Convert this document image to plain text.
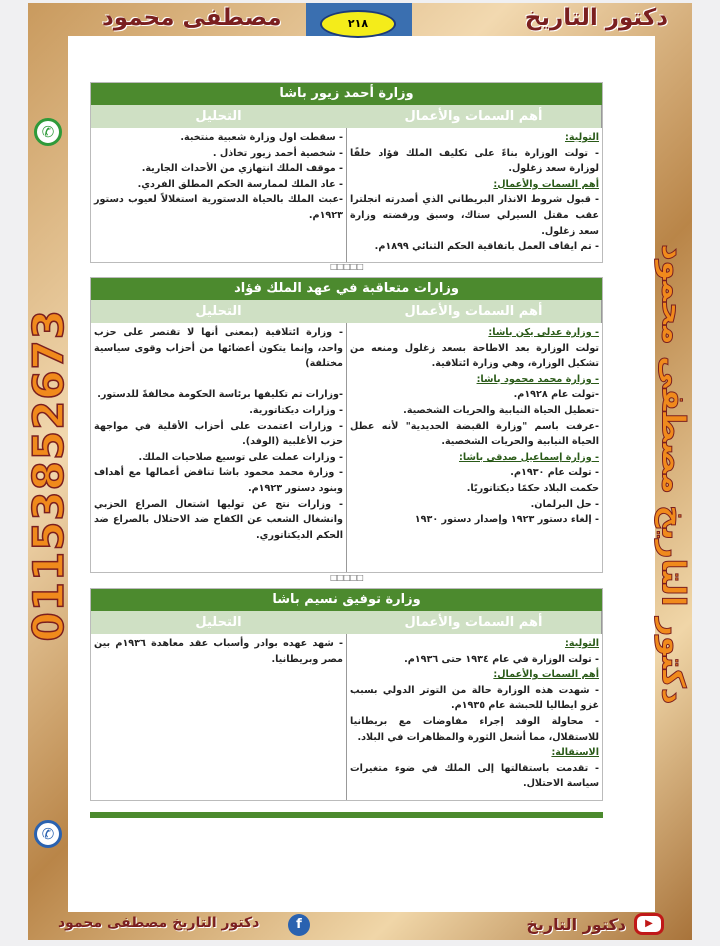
دكتور التاريخ
مصطفى محمود	٢١٨
✆
01153852673
✆
دكتور التاريخ مصطفى محمود
وزارة أحمد زيور باشا
التحليل	أهم السمات والأعمال
التولية:
- تولت الوزارة بناءً على تكليف الملك فؤاد خلفًا لوزارة سعد زغلول.
أهم السمات والأعمال:
- قبول شروط الانذار البريطاني الذي أصدرته انجلترا عقب مقتل السيرلي ستاك، وسبق ورفضته وزارة سعد زغلول.
- تم ايقاف العمل باتفاقية الحكم الثنائي ١٨٩٩م.
- سقطت اول وزارة شعبية منتخبة.
- شخصية أحمد زيور تخاذل .
- موقف الملك انتهازي من الأحداث الجارية.
- عاد الملك لممارسة الحكم المطلق الفردي.
-عبث الملك بالحياة الدستورية استغلالاً لعيوب دستور ١٩٢٣م.
□□□□□
وزارات متعاقبة في عهد الملك فؤاد
التحليل	أهم السمات والأعمال
- وزارة عدلي يكن باشا:
تولت الوزارة بعد الاطاحة بسعد زغلول ومنعه من تشكيل الوزارة، وهي وزارة ائتلافية.
- وزارة محمد محمود باشا:
-تولت عام ١٩٢٨م.
-تعطيل الحياة النيابية والحريات الشخصية.
-عرفت باسم "وزارة القبضة الحديدية" لأنه عطل الحياة النيابية والحريات الشخصية.
- وزارة إسماعيل صدقي باشا:
- تولت عام ١٩٣٠م.
حكمت البلاد حكمًا ديكتاتوريًا.
- حل البرلمان.
- إلغاء دستور ١٩٢٣ وإصدار دستور ١٩٣٠
- وزارة ائتلافية (بمعنى أنها لا تقتصر على حزب واحد، وإنما يتكون أعضائها من أحزاب وقوى سياسية مختلفة)
-وزارات تم تكليفها برئاسة الحكومة مخالفةً للدستور.
- وزارات ديكتاتورية.
- وزارات اعتمدت على أحزاب الأقلية في مواجهة حزب الأغلبية (الوفد).
- وزارات عملت على توسيع صلاحيات الملك.
- وزارة محمد محمود باشا تناقض أعمالها مع أهداف وبنود دستور ١٩٢٣م.
- وزارات نتج عن توليها اشتعال الصراع الحزبي وانشغال الشعب عن الكفاح ضد الاحتلال بالصراع ضد الحكم الديكتاتوري.
□□□□□
وزارة توفيق نسيم باشا
التحليل	أهم السمات والأعمال
التولية:
- تولت الوزارة في عام ١٩٣٤ حتى ١٩٣٦م.
أهم السمات والأعمال:
- شهدت هذه الوزارة حالة من التوتر الدولي بسبب غزو ايطاليا للحبشة عام ١٩٣٥م.
- محاولة الوفد إجراء مفاوضات مع بريطانيا للاستقلال، مما أشعل الثورة والمظاهرات في البلاد.
الاستقالة:
- تقدمت باستقالتها إلى الملك في ضوء متغيرات سياسة الاحتلال.
- شهد عهده بوادر وأسباب عقد معاهدة ١٩٣٦م بين مصر وبريطانيا.
▶
دكتور التاريخ
f
دكتور التاريخ مصطفى محمود
